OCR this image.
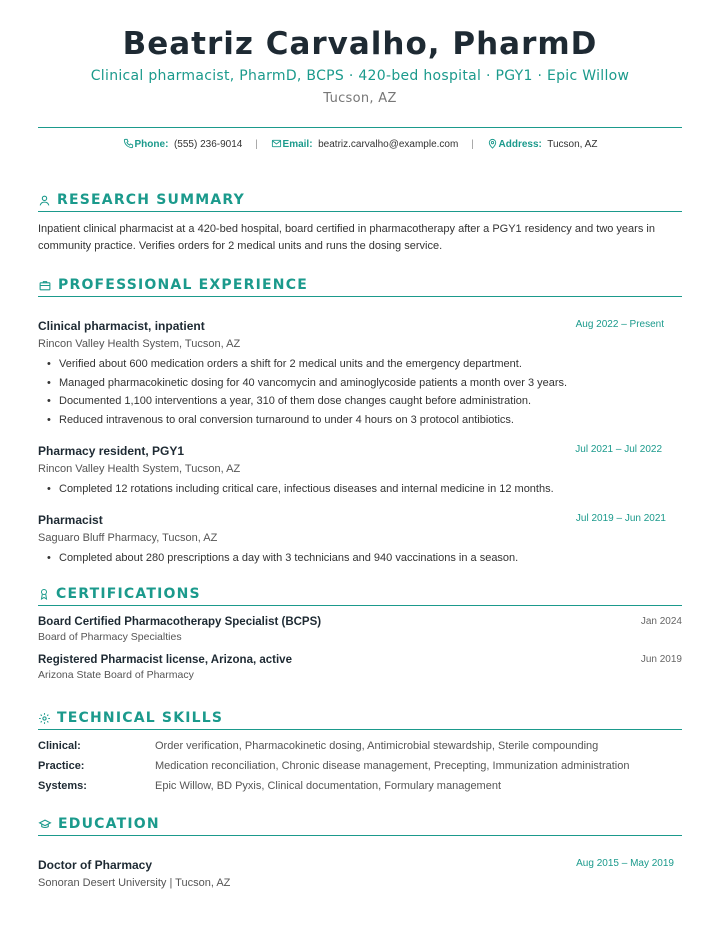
Beatriz Carvalho, PharmD
Clinical pharmacist, PharmD, BCPS · 420-bed hospital · PGY1 · Epic Willow
Tucson, AZ
Phone: (555) 236-9014 | Email: beatriz.carvalho@example.com | Address: Tucson, AZ
RESEARCH SUMMARY
Inpatient clinical pharmacist at a 420-bed hospital, board certified in pharmacotherapy after a PGY1 residency and two years in community practice. Verifies orders for 2 medical units and runs the dosing service.
PROFESSIONAL EXPERIENCE
Clinical pharmacist, inpatient	Aug 2022 – Present
Rincon Valley Health System, Tucson, AZ
• Verified about 600 medication orders a shift for 2 medical units and the emergency department.
• Managed pharmacokinetic dosing for 40 vancomycin and aminoglycoside patients a month over 3 years.
• Documented 1,100 interventions a year, 310 of them dose changes caught before administration.
• Reduced intravenous to oral conversion turnaround to under 4 hours on 3 protocol antibiotics.
Pharmacy resident, PGY1	Jul 2021 – Jul 2022
Rincon Valley Health System, Tucson, AZ
• Completed 12 rotations including critical care, infectious diseases and internal medicine in 12 months.
Pharmacist	Jul 2019 – Jun 2021
Saguaro Bluff Pharmacy, Tucson, AZ
• Completed about 280 prescriptions a day with 3 technicians and 940 vaccinations in a season.
CERTIFICATIONS
Board Certified Pharmacotherapy Specialist (BCPS)	Jan 2024
Board of Pharmacy Specialties
Registered Pharmacist license, Arizona, active	Jun 2019
Arizona State Board of Pharmacy
TECHNICAL SKILLS
Clinical:	Order verification, Pharmacokinetic dosing, Antimicrobial stewardship, Sterile compounding
Practice:	Medication reconciliation, Chronic disease management, Precepting, Immunization administration
Systems:	Epic Willow, BD Pyxis, Clinical documentation, Formulary management
EDUCATION
Doctor of Pharmacy	Aug 2015 – May 2019
Sonoran Desert University | Tucson, AZ
